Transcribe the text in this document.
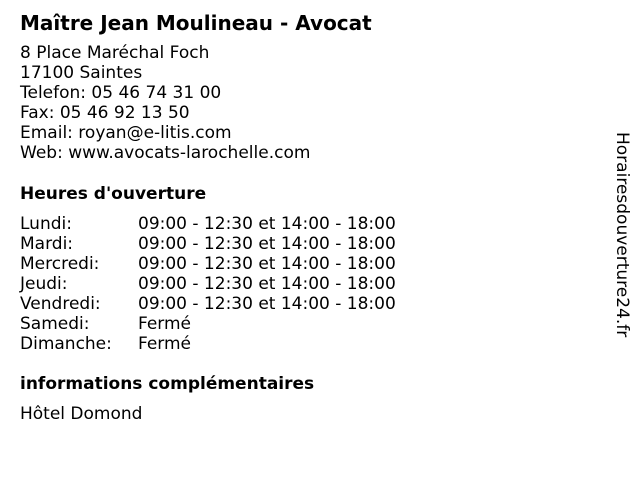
Maître Jean Moulineau - Avocat
8 Place Maréchal Foch
17100 Saintes
Telefon: 05 46 74 31 00
Fax: 05 46 92 13 50
Email: royan@e-litis.com
Web: www.avocats-larochelle.com
Heures d'ouverture
Lundi:	09:00 - 12:30 et 14:00 - 18:00
Mardi:	09:00 - 12:30 et 14:00 - 18:00
Mercredi: 09:00 - 12:30 et 14:00 - 18:00
Jeudi:	09:00 - 12:30 et 14:00 - 18:00
Vendredi: 09:00 - 12:30 et 14:00 - 18:00
Samedi:	Fermé
Dimanche: Fermé
informations complémentaires
Hôtel Domond
Horairesdouverture24.fr
